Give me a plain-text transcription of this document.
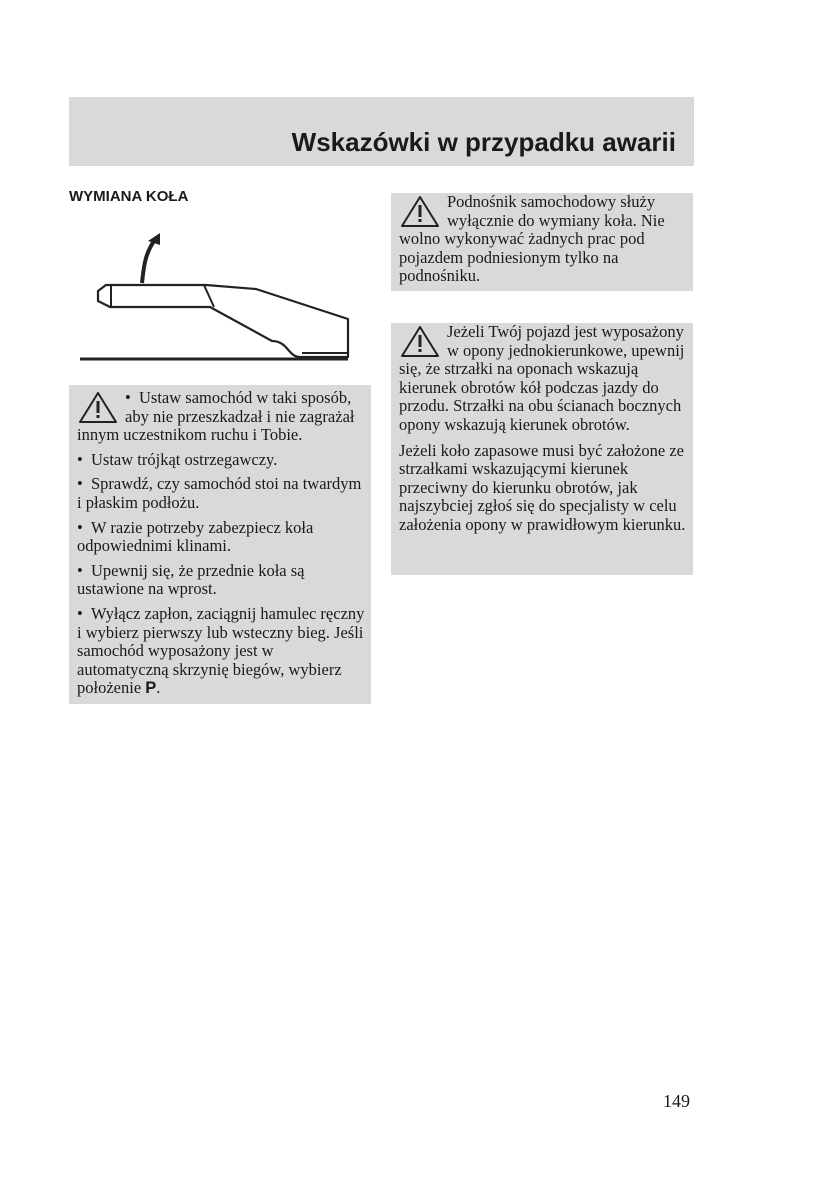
Wskazówki w przypadku awarii
WYMIANA KOŁA

• Ustaw samochód w taki sposób, aby nie przeszkadzał i nie zagrażał innym uczestnikom ruchu i Tobie.

• Ustaw trójkąt ostrzegawczy.

• Sprawdź, czy samochód stoi na twardym i płaskim podłożu.

• W razie potrzeby zabezpiecz koła odpowiednimi klinami.

• Upewnij się, że przednie koła są ustawione na wprost.

• Wyłącz zapłon, zaciągnij hamulec ręczny i wybierz pierwszy lub wsteczny bieg. Jeśli samochód wyposażony jest w automatyczną skrzynię biegów, wybierz położenie P.

Podnośnik samochodowy służy wyłącznie do wymiany koła. Nie wolno wykonywać żadnych prac pod pojazdem podniesionym tylko na podnośniku.

Jeżeli Twój pojazd jest wyposażony w opony jednokierunkowe, upewnij się, że strzałki na oponach wskazują kierunek obrotów kół podczas jazdy do przodu. Strzałki na obu ścianach bocznych opony wskazują kierunek obrotów.

Jeżeli koło zapasowe musi być założone ze strzałkami wskazującymi kierunek przeciwny do kierunku obrotów, jak najszybciej zgłoś się do specjalisty w celu założenia opony w prawidłowym kierunku.

149
